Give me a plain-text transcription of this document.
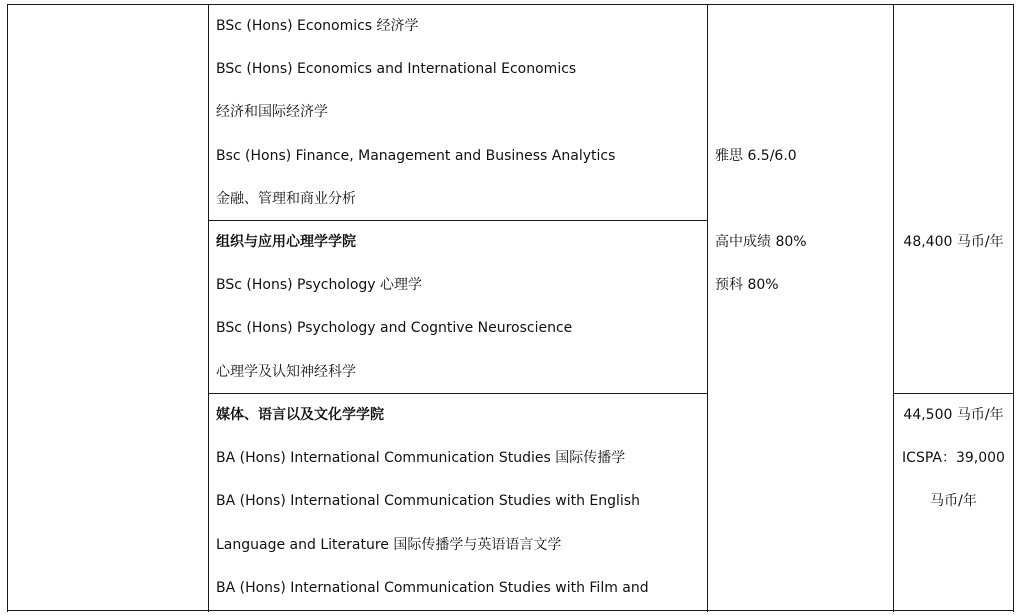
BSc (Hons) Economics 经济学
BSc (Hons) Economics and International Economics
经济和国际经济学
Bsc (Hons) Finance, Management and Business Analytics
金融、管理和商业分析
组织与应用心理学学院
BSc (Hons) Psychology 心理学
BSc (Hons) Psychology and Cogntive Neuroscience
心理学及认知神经科学
媒体、语言以及文化学学院
BA (Hons) International Communication Studies 国际传播学
BA (Hons) International Communication Studies with English
Language and Literature 国际传播学与英语语言文学
BA (Hons) International Communication Studies with Film and
雅思 6.5/6.0
高中成绩 80%
预科 80%
48,400 马币/年
44,500 马币/年
ICSPA：39,000
马币/年
